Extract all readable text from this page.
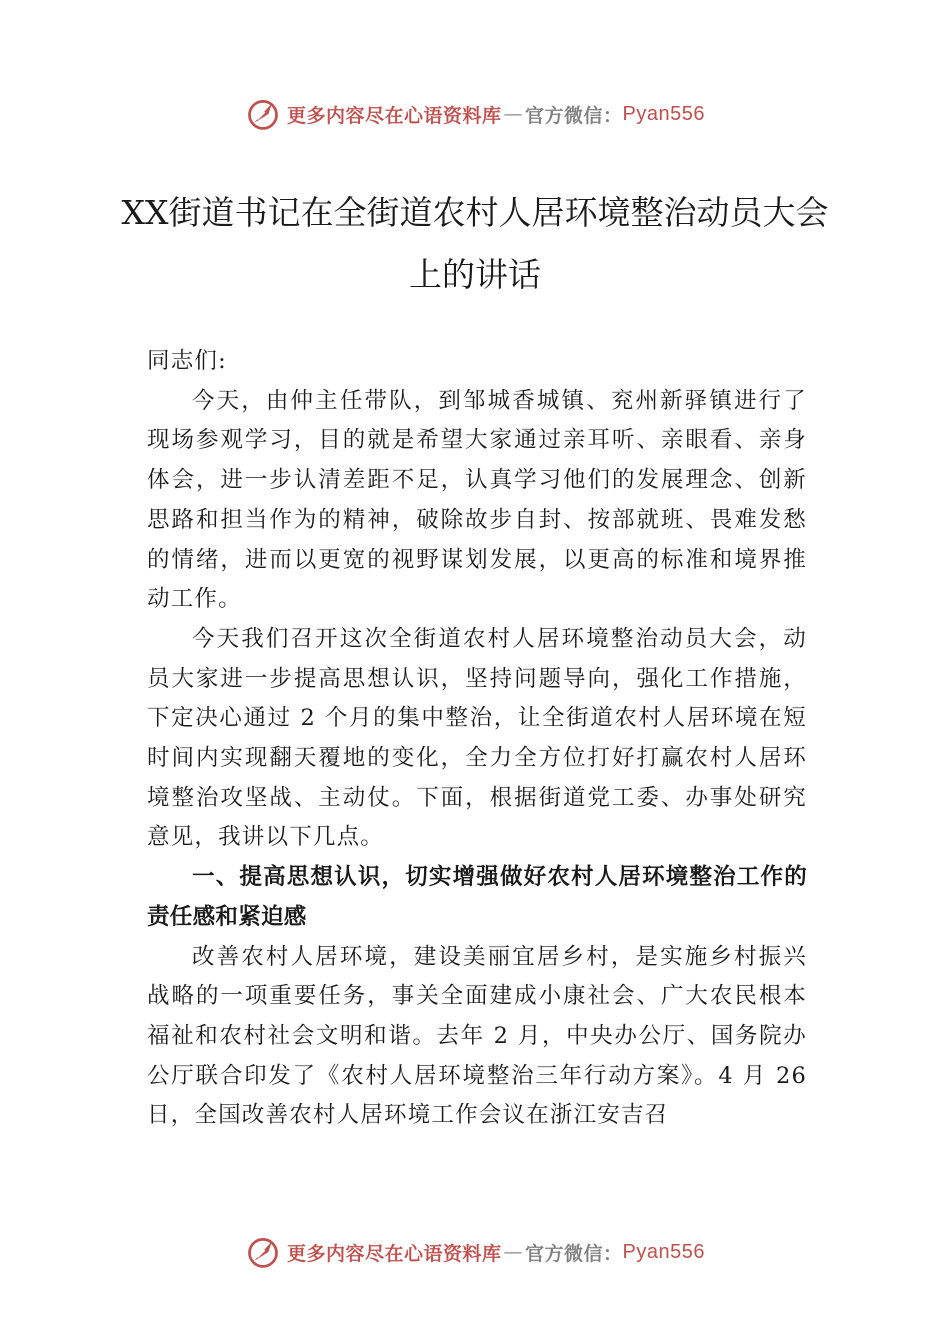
更多内容尽在心语资料库 — 官方微信： Pyan556
XX街道书记在全街道农村人居环境整治动员大会上的讲话

同志们:

今天，由仲主任带队，到邹城香城镇、兖州新驿镇进行了现场参观学习，目的就是希望大家通过亲耳听、亲眼看、亲身体会，进一步认清差距不足，认真学习他们的发展理念、创新思路和担当作为的精神，破除故步自封、按部就班、畏难发愁的情绪，进而以更宽的视野谋划发展，以更高的标准和境界推动工作。

今天我们召开这次全街道农村人居环境整治动员大会，动员大家进一步提高思想认识，坚持问题导向，强化工作措施，下定决心通过 2 个月的集中整治，让全街道农村人居环境在短时间内实现翻天覆地的变化，全力全方位打好打赢农村人居环境整治攻坚战、主动仗。下面，根据街道党工委、办事处研究意见，我讲以下几点。

一、提高思想认识，切实增强做好农村人居环境整治工作的责任感和紧迫感

改善农村人居环境，建设美丽宜居乡村，是实施乡村振兴战略的一项重要任务，事关全面建成小康社会、广大农民根本福祉和农村社会文明和谐。去年 2 月，中央办公厅、国务院办公厅联合印发了《农村人居环境整治三年行动方案》。4 月 26 日，全国改善农村人居环境工作会议在浙江安吉召

更多内容尽在心语资料库 — 官方微信： Pyan556
